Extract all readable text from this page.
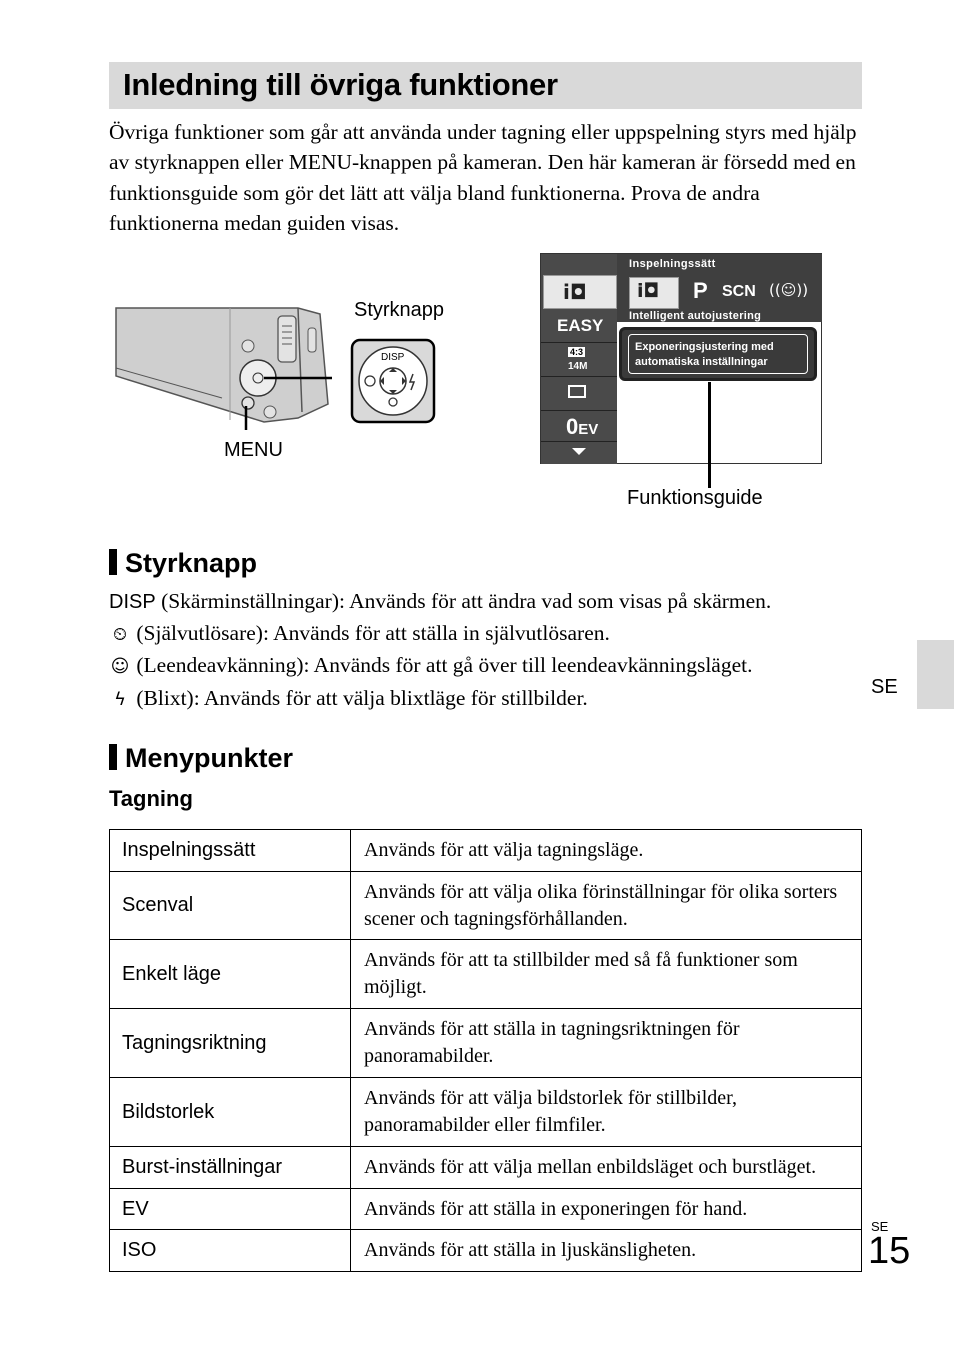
Inledning till övriga funktioner

Övriga funktioner som går att använda under tagning eller uppspelning styrs med hjälp av styrknappen eller MENU-knappen på kameran. Den här kameran är försedd med en funktionsguide som gör det lätt att välja bland funktionerna. Prova de andra funktionerna medan guiden visas.

DISP
Styrknapp
MENU
Inspelningssätt
i◘	i◘ P SCN ((☺))
Intelligent autojustering
EASY
4:3
14M
0EV
Exponeringsjustering med
automatiska inställningar
Funktionsguide
Styrknapp
DISP (Skärminställningar): Används för att ändra vad som visas på skärmen.
⏲ (Självutlösare): Används för att ställa in självutlösaren.
☺ (Leendeavkänning): Används för att gå över till leendeavkänningsläget.
ϟ (Blixt): Används för att välja blixtläge för stillbilder.
Menypunkter
Tagning
Inspelningssätt	Används för att välja tagningsläge.
Scenval	Används för att välja olika förinställningar för olika sorters scener och tagningsförhållanden.
Enkelt läge	Används för att ta stillbilder med så få funktioner som möjligt.
Tagningsriktning	Används för att ställa in tagningsriktningen för panoramabilder.
Bildstorlek	Används för att välja bildstorlek för stillbilder, panoramabilder eller filmfiler.
Burst-inställningar	Används för att välja mellan enbildsläget och burstläget.
EV	Används för att ställa in exponeringen för hand.
ISO	Används för att ställa in ljuskänsligheten.
SE
SE
15
